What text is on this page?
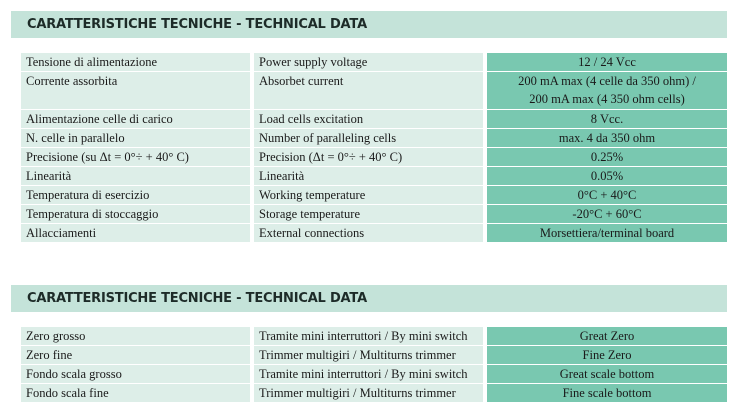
CARATTERISTICHE TECNICHE - TECHNICAL DATA
Tensione di alimentazione	Power supply voltage	12 / 24 Vcc
Corrente assorbita	Absorbet current	200 mA max (4 celle da 350 ohm) /
200 mA max (4 350 ohm cells)
Alimentazione celle di carico	Load cells excitation	8 Vcc.
N. celle in parallelo	Number of paralleling cells	max. 4 da 350 ohm
Precisione (su Δt = 0°÷ + 40° C)	Precision (Δt = 0°÷ + 40° C)	0.25%
Linearità	Linearità	0.05%
Temperatura di esercizio	Working temperature	0°C + 40°C
Temperatura di stoccaggio	Storage temperature	-20°C + 60°C
Allacciamenti	External connections	Morsettiera/terminal board
CARATTERISTICHE TECNICHE - TECHNICAL DATA
Zero grosso	Tramite mini interruttori / By mini switch	Great Zero
Zero fine	Trimmer multigiri / Multiturns trimmer	Fine Zero
Fondo scala grosso	Tramite mini interruttori / By mini switch	Great scale bottom
Fondo scala fine	Trimmer multigiri / Multiturns trimmer	Fine scale bottom
